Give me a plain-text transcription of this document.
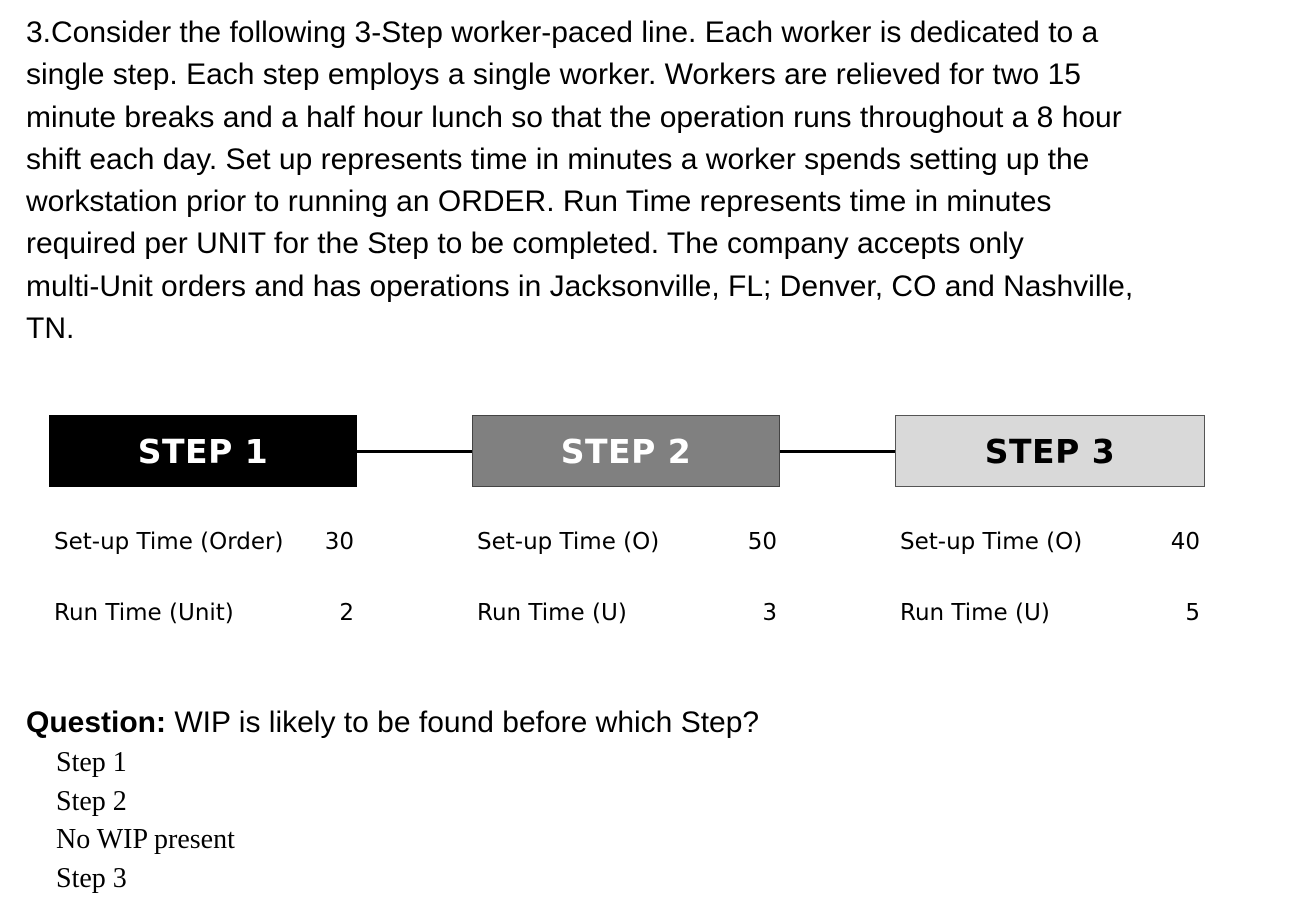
3.Consider the following 3-Step worker-paced line. Each worker is dedicated to a
single step. Each step employs a single worker. Workers are relieved for two 15
minute breaks and a half hour lunch so that the operation runs throughout a 8 hour
shift each day. Set up represents time in minutes a worker spends setting up the
workstation prior to running an ORDER. Run Time represents time in minutes
required per UNIT for the Step to be completed. The company accepts only
multi-Unit orders and has operations in Jacksonville, FL; Denver, CO and Nashville,
TN.
STEP 1	STEP 2	STEP 3
Set-up Time (Order)	30
Run Time (Unit)	2
Set-up Time (O)	50
Run Time (U)	3
Set-up Time (O)	40
Run Time (U)	5
Question: WIP is likely to be found before which Step?
Step 1
Step 2
No WIP present
Step 3
